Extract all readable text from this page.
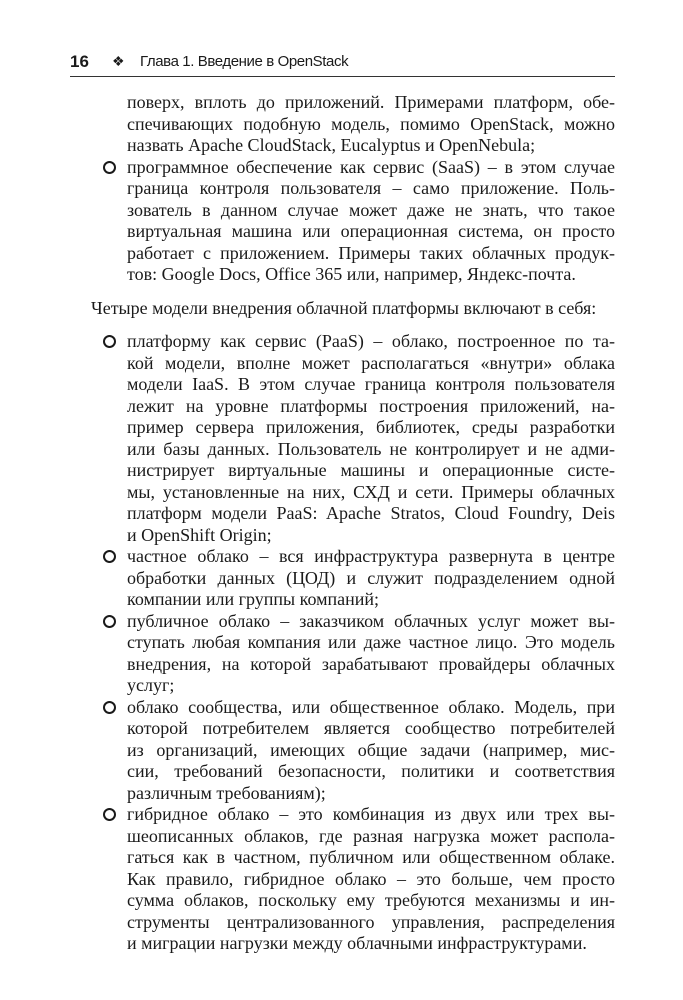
16 ❖ Глава 1. Введение в OpenStack
поверх, вплоть до приложений. Примерами платформ, обе-
спечивающих подобную модель, помимо OpenStack, можно
назвать Apache CloudStack, Eucalyptus и OpenNebula;
программное обеспечение как сервис (SaaS) – в этом случае
граница контроля пользователя – само приложение. Поль-
зователь в данном случае может даже не знать, что такое
виртуальная машина или операционная система, он просто
работает с приложением. Примеры таких облачных продук-
тов: Google Docs, Office 365 или, например, Яндекс-почта.
Четыре модели внедрения облачной платформы включают в себя:
платформу как сервис (PaaS) – облако, построенное по та-
кой модели, вполне может располагаться «внутри» облака
модели IaaS. В этом случае граница контроля пользователя
лежит на уровне платформы построения приложений, на-
пример сервера приложения, библиотек, среды разработки
или базы данных. Пользователь не контролирует и не адми-
нистрирует виртуальные машины и операционные систе-
мы, установленные на них, СХД и сети. Примеры облачных
платформ модели PaaS: Apache Stratos, Cloud Foundry, Deis
и OpenShift Origin;
частное облако – вся инфраструктура развернута в центре
обработки данных (ЦОД) и служит подразделением одной
компании или группы компаний;
публичное облако – заказчиком облачных услуг может вы-
ступать любая компания или даже частное лицо. Это модель
внедрения, на которой зарабатывают провайдеры облачных
услуг;
облако сообщества, или общественное облако. Модель, при
которой потребителем является сообщество потребителей
из организаций, имеющих общие задачи (например, мис-
сии, требований безопасности, политики и соответствия
различным требованиям);
гибридное облако – это комбинация из двух или трех вы-
шеописанных облаков, где разная нагрузка может распола-
гаться как в частном, публичном или общественном облаке.
Как правило, гибридное облако – это больше, чем просто
сумма облаков, поскольку ему требуются механизмы и ин-
струменты централизованного управления, распределения
и миграции нагрузки между облачными инфраструктурами.
